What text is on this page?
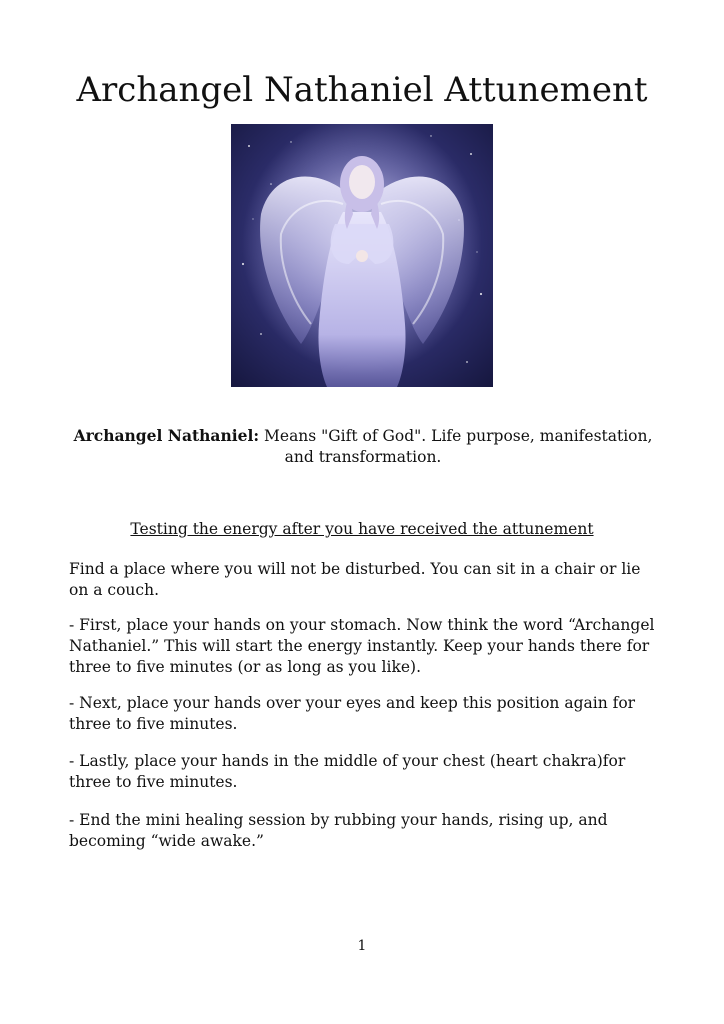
Archangel Nathaniel Attunement

Archangel Nathaniel: Means "Gift of God". Life purpose, manifestation, and transformation.

Testing the energy after you have received the attunement

Find a place where you will not be disturbed. You can sit in a chair or lie on a couch.

- First, place your hands on your stomach. Now think the word “Archangel Nathaniel.” This will start the energy instantly. Keep your hands there for three to five minutes (or as long as you like).

- Next, place your hands over your eyes and keep this position again for three to five minutes.

- Lastly, place your hands in the middle of your chest (heart chakra)for three to five minutes.

- End the mini healing session by rubbing your hands, rising up, and becoming “wide awake.”

1
